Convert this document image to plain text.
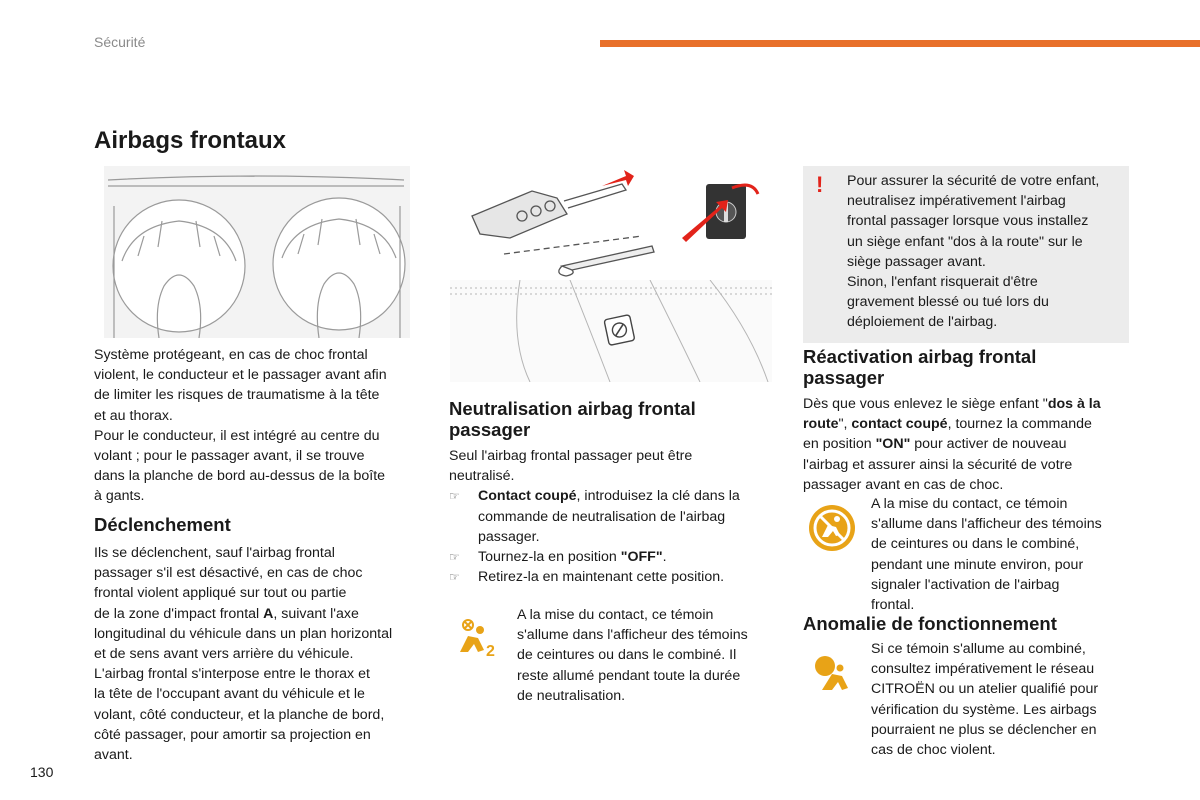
Sécurité
Airbags frontaux

Système protégeant, en cas de choc frontal

violent, le conducteur et le passager avant afin

de limiter les risques de traumatisme à la tête

et au thorax.

Pour le conducteur, il est intégré au centre du

volant ; pour le passager avant, il se trouve

dans la planche de bord au-dessus de la boîte

à gants.

Déclenchement

Ils se déclenchent, sauf l'airbag frontal

passager s'il est désactivé, en cas de choc

frontal violent appliqué sur tout ou partie

de la zone d'impact frontal A, suivant l'axe

longitudinal du véhicule dans un plan horizontal

et de sens avant vers arrière du véhicule.

L'airbag frontal s'interpose entre le thorax et

la tête de l'occupant avant du véhicule et le

volant, côté conducteur, et la planche de bord,

côté passager, pour amortir sa projection en

avant.

Neutralisation airbag frontal
passager

Seul l'airbag frontal passager peut être

neutralisé.

☞ Contact coupé, introduisez la clé dans la

commande de neutralisation de l'airbag

passager.

☞ Tournez-la en position "OFF".

☞ Retirez-la en maintenant cette position.

2

A la mise du contact, ce témoin

s'allume dans l'afficheur des témoins

de ceintures ou dans le combiné. Il

reste allumé pendant toute la durée

de neutralisation.

! Pour assurer la sécurité de votre enfant,

neutralisez impérativement l'airbag

frontal passager lorsque vous installez

un siège enfant "dos à la route" sur le

siège passager avant.

Sinon, l'enfant risquerait d'être

gravement blessé ou tué lors du

déploiement de l'airbag.

Réactivation airbag frontal
passager

Dès que vous enlevez le siège enfant "dos à la

route", contact coupé, tournez la commande

en position "ON" pour activer de nouveau

l'airbag et assurer ainsi la sécurité de votre

passager avant en cas de choc.

A la mise du contact, ce témoin

s'allume dans l'afficheur des témoins

de ceintures ou dans le combiné,

pendant une minute environ, pour

signaler l'activation de l'airbag

frontal.

Anomalie de fonctionnement

Si ce témoin s'allume au combiné,

consultez impérativement le réseau

CITROËN ou un atelier qualifié pour

vérification du système. Les airbags

pourraient ne plus se déclencher en

cas de choc violent.

130
